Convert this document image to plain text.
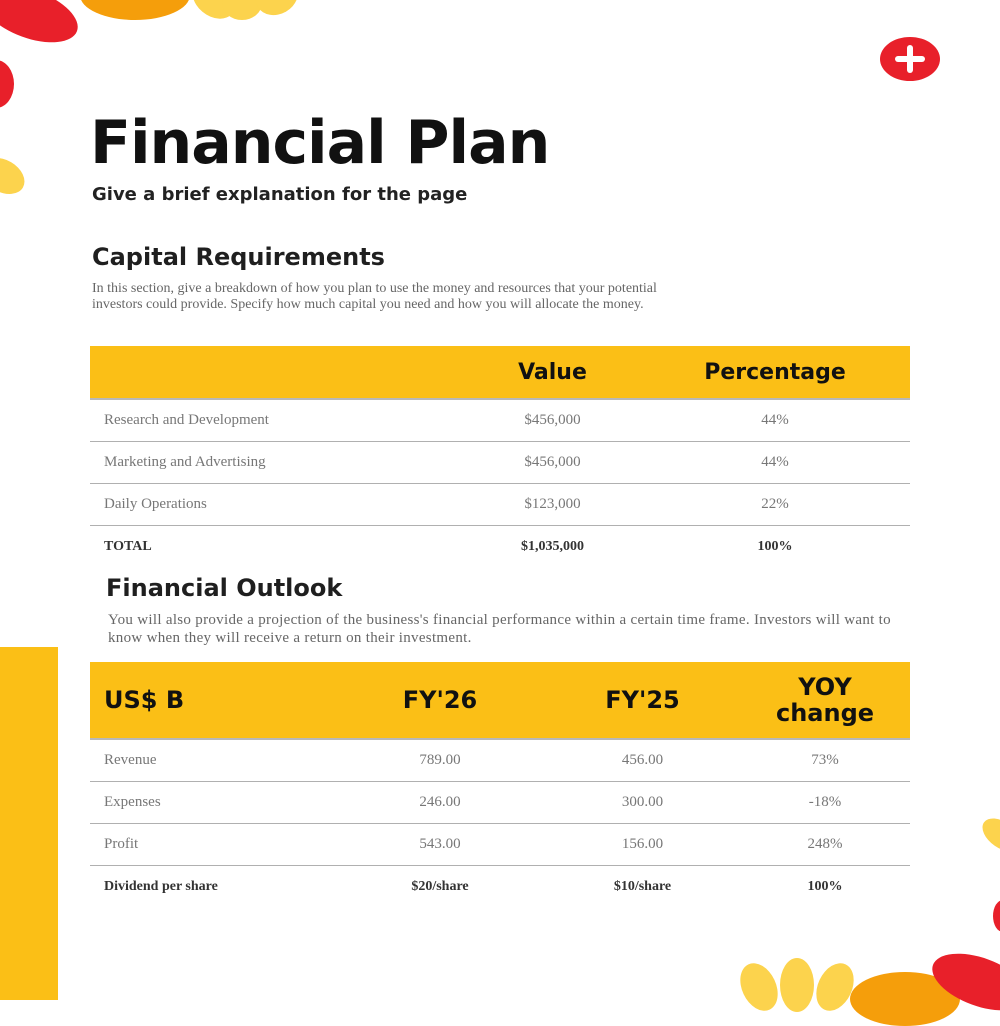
Financial Plan

Give a brief explanation for the page

Capital Requirements

In this section, give a breakdown of how you plan to use the money and resources that your potential investors could provide. Specify how much capital you need and how you will allocate the money.

	Value	Percentage
Research and Development	$456,000	44%
Marketing and Advertising	$456,000	44%
Daily Operations	$123,000	22%
TOTAL	$1,035,000	100%
Financial Outlook

You will also provide a projection of the business's financial performance within a certain time frame. Investors will want to know when they will receive a return on their investment.

US$ B	FY'26	FY'25	YOY change
Revenue	789.00	456.00	73%
Expenses	246.00	300.00	-18%
Profit	543.00	156.00	248%
Dividend per share	$20/share	$10/share	100%
